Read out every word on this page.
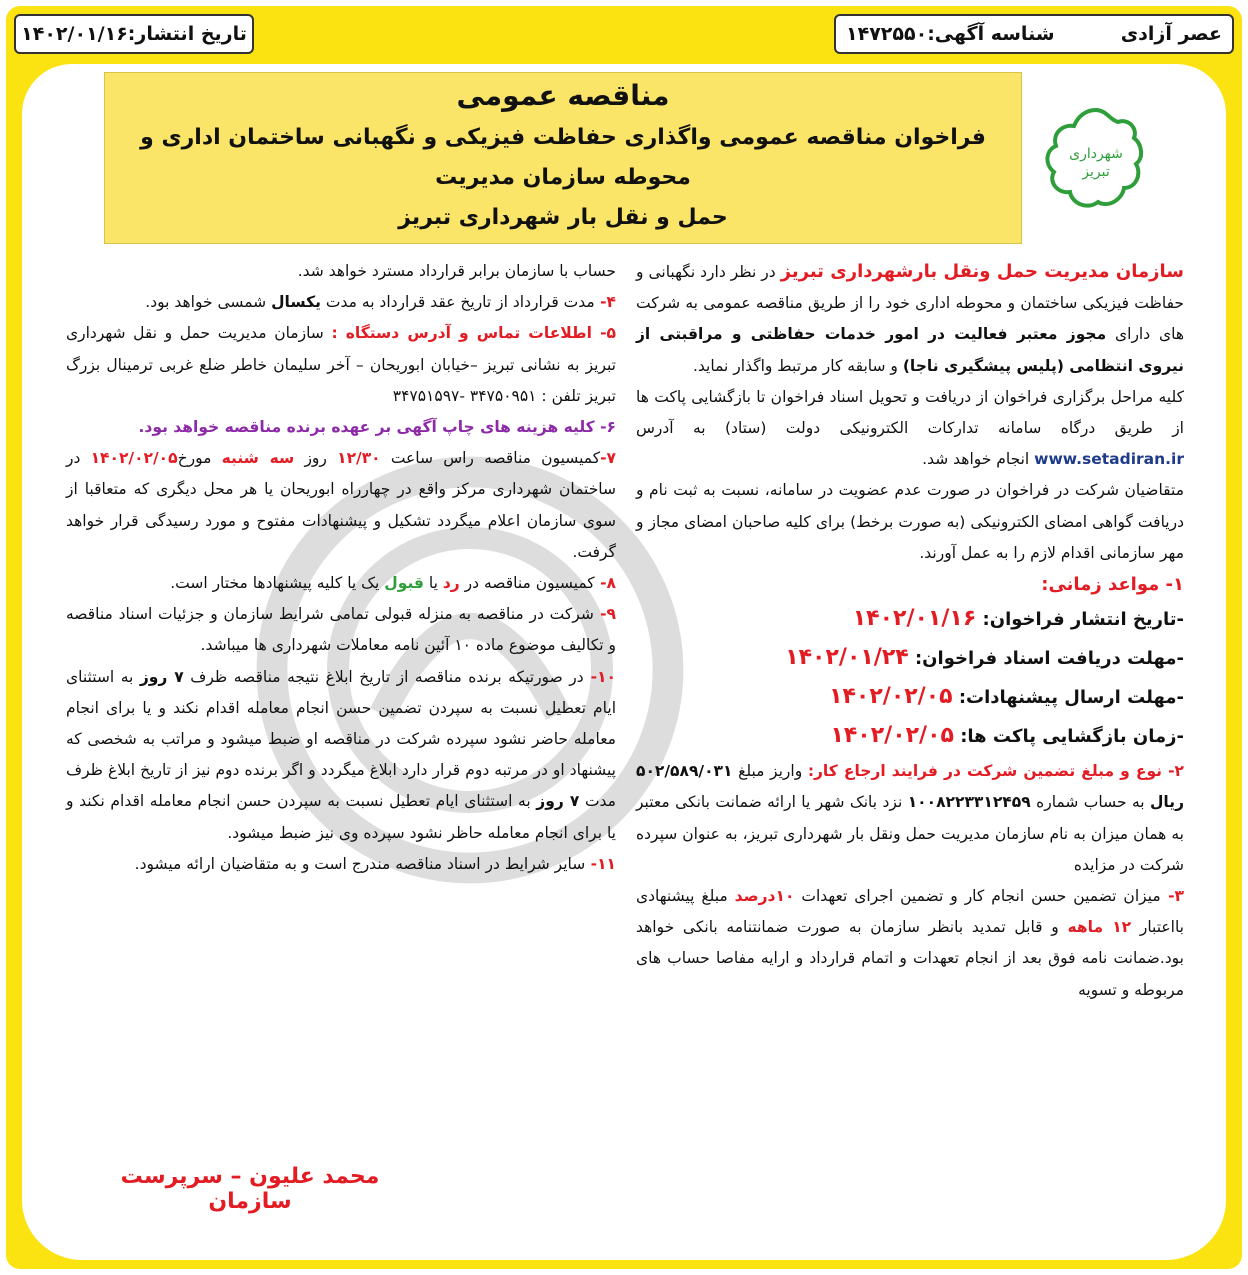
عصر آزادی
شناسه آگهی:۱۴۷۲۵۵۰
تاریخ انتشار:
۱۴۰۲/۰۱/۱۶
مناقصه عمومی
فراخوان مناقصه عمومی واگذاری حفاظت فیزیکی و نگهبانی ساختمان اداری و محوطه سازمان مدیریت
حمل و نقل بار شهرداری تبریز
شهرداری
تبریز

سازمان مدیریت حمل ونقل بارشهرداری تبریز در نظر دارد نگهبانی و حفاظت فیزیکی ساختمان و محوطه اداری خود را از طریق مناقصه عمومی به شرکت های دارای مجوز معتبر فعالیت در امور خدمات حفاظتی و مراقبتی از نیروی انتظامی (پلیس پیشگیری ناجا) و سابقه کار مرتبط واگذار نماید.

کلیه مراحل برگزاری فراخوان از دریافت و تحویل اسناد فراخوان تا بازگشایی پاکت ها از طریق درگاه سامانه تدارکات الکترونیکی دولت (ستاد) به آدرس www.setadiran.ir انجام خواهد شد.

متقاضیان شرکت در فراخوان در صورت عدم عضویت در سامانه، نسبت به ثبت نام و دریافت گواهی امضای الکترونیکی (به صورت برخط) برای کلیه صاحبان امضای مجاز و مهر سازمانی اقدام لازم را به عمل آورند.

۱- مواعد زمانی:

-تاریخ انتشار فراخوان: ۱۴۰۲/۰۱/۱۶

-مهلت دریافت اسناد فراخوان: ۱۴۰۲/۰۱/۲۴

-مهلت ارسال پیشنهادات: ۱۴۰۲/۰۲/۰۵

-زمان بازگشایی پاکت ها: ۱۴۰۲/۰۲/۰۵

۲- نوع و مبلغ تضمین شرکت در فرایند ارجاع کار: واریز مبلغ ۵۰۲/۵۸۹/۰۳۱ ریال به حساب شماره ۱۰۰۸۲۲۳۳۱۲۴۵۹ نزد بانک شهر یا ارائه ضمانت بانکی معتبر به همان میزان به نام سازمان مدیریت حمل ونقل بار شهرداری تبریز، به عنوان سپرده شرکت در مزایده

۳- میزان تضمین حسن انجام کار و تضمین اجرای تعهدات ۱۰درصد مبلغ پیشنهادی بااعتبار ۱۲ ماهه و قابل تمدید بانظر سازمان به صورت ضمانتنامه بانکی خواهد بود.ضمانت نامه فوق بعد از انجام تعهدات و اتمام قرارداد و ارایه مفاصا حساب های مربوطه و تسویه

حساب با سازمان برابر قرارداد مسترد خواهد شد.

۴- مدت قرارداد از تاریخ عقد قرارداد به مدت یکسال شمسی خواهد بود.

۵- اطلاعات تماس و آدرس دستگاه : سازمان مدیریت حمل و نقل شهرداری تبریز به نشانی تبریز –خیابان ابوریحان – آخر سلیمان خاطر ضلع غربی ترمینال بزرگ تبریز تلفن : ۳۴۷۵۰۹۵۱ -۳۴۷۵۱۵۹۷

۶- کلیه هزینه های چاپ آگهی بر عهده برنده مناقصه خواهد بود.

۷-کمیسیون مناقصه راس ساعت ۱۲/۳۰ روز سه شنبه مورخ۱۴۰۲/۰۲/۰۵ در ساختمان شهرداری مرکز واقع در چهارراه ابوریحان یا هر محل دیگری که متعاقبا از سوی سازمان اعلام میگردد تشکیل و پیشنهادات مفتوح و مورد رسیدگی قرار خواهد گرفت.

۸- کمیسیون مناقصه در رد یا قبول یک یا کلیه پیشنهادها مختار است.

۹- شرکت در مناقصه به منزله قبولی تمامی شرایط سازمان و جزئیات اسناد مناقصه و تکالیف موضوع ماده ۱۰ آئین نامه معاملات شهرداری ها میباشد.

۱۰- در صورتیکه برنده مناقصه از تاریخ ابلاغ نتیجه مناقصه ظرف ۷ روز به استثنای ایام تعطیل نسبت به سپردن تضمین حسن انجام معامله اقدام نکند و یا برای انجام معامله حاضر نشود سپرده شرکت در مناقصه او ضبط میشود و مراتب به شخصی که پیشنهاد او در مرتبه دوم قرار دارد ابلاغ میگردد و اگر برنده دوم نیز از تاریخ ابلاغ ظرف مدت ۷ روز به استثنای ایام تعطیل نسبت به سپردن حسن انجام معامله اقدام نکند و یا برای انجام معامله حاظر نشود سپرده وی نیز ضبط میشود.

۱۱- سایر شرایط در اسناد مناقصه مندرج است و به متقاضیان ارائه میشود.

محمد علیون – سرپرست سازمان
